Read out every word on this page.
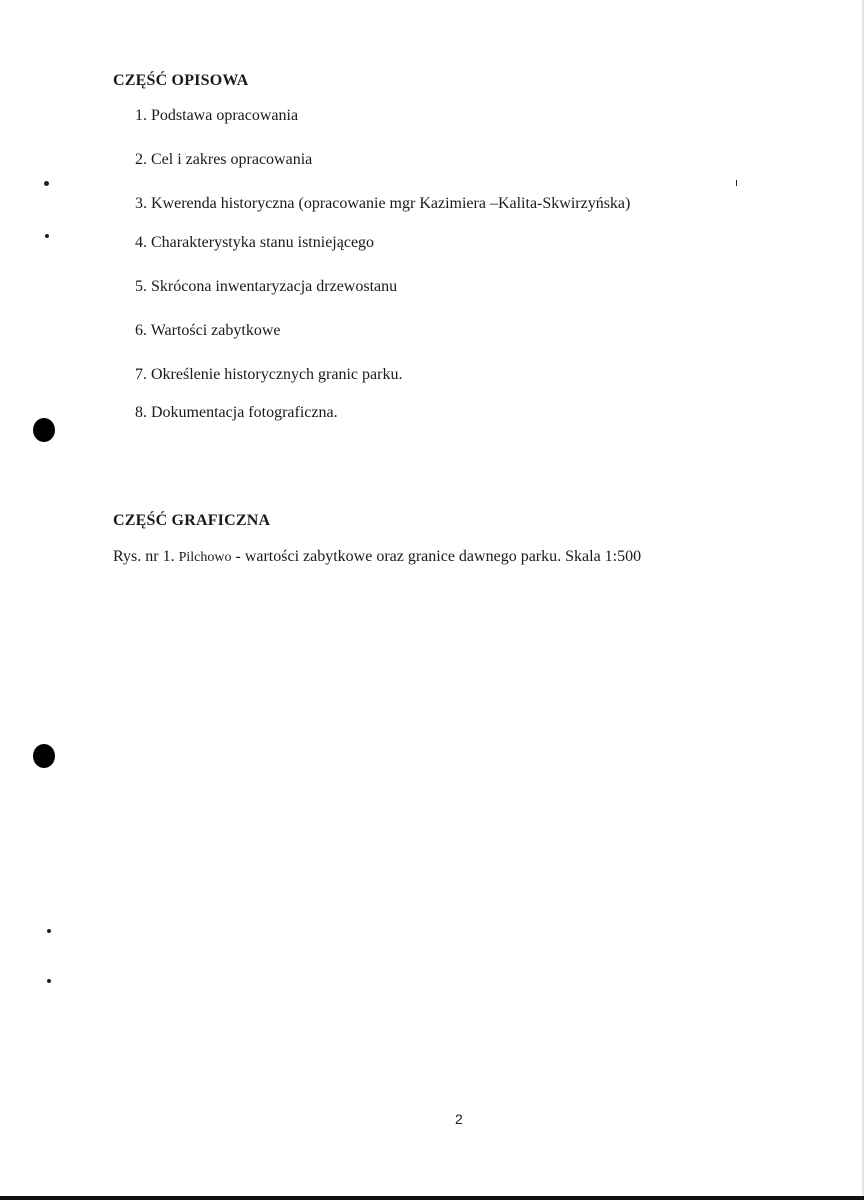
CZĘŚĆ OPISOWA
1. Podstawa opracowania
2. Cel i zakres opracowania
3. Kwerenda historyczna (opracowanie mgr Kazimiera –Kalita-Skwirzyńska)
4. Charakterystyka stanu istniejącego
5. Skrócona inwentaryzacja drzewostanu
6. Wartości zabytkowe
7. Określenie historycznych granic parku.
8. Dokumentacja fotograficzna.
CZĘŚĆ GRAFICZNA
Rys. nr 1. Pilchowo - wartości zabytkowe oraz granice dawnego parku. Skala 1:500
2
